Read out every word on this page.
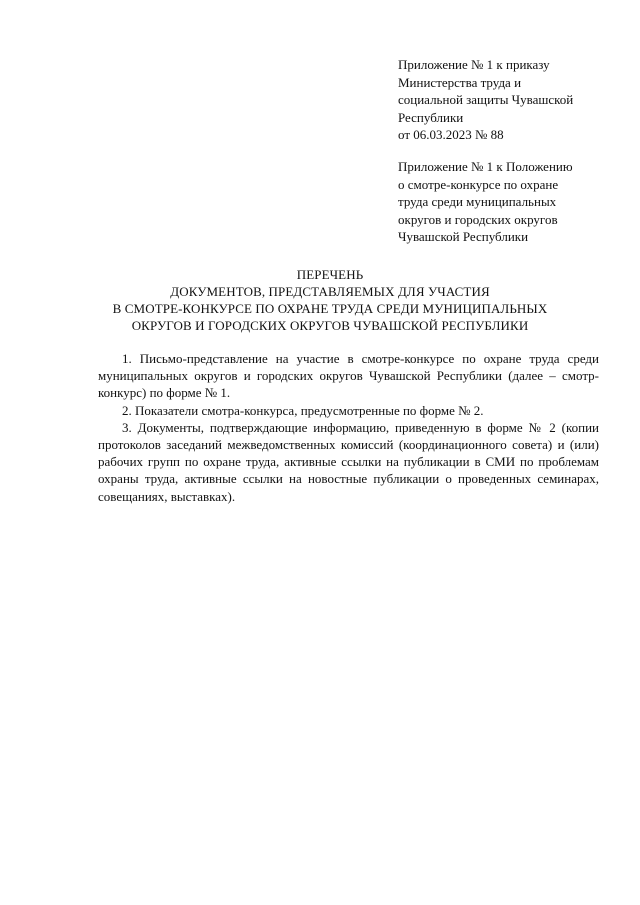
Приложение № 1 к приказу
Министерства труда и
социальной защиты Чувашской
Республики
от 06.03.2023 № 88
Приложение № 1 к Положению
о смотре-конкурсе по охране
труда среди муниципальных
округов и городских округов
Чувашской Республики
ПЕРЕЧЕНЬ
ДОКУМЕНТОВ, ПРЕДСТАВЛЯЕМЫХ ДЛЯ УЧАСТИЯ
В СМОТРЕ-КОНКУРСЕ ПО ОХРАНЕ ТРУДА СРЕДИ МУНИЦИПАЛЬНЫХ
ОКРУГОВ И ГОРОДСКИХ ОКРУГОВ ЧУВАШСКОЙ РЕСПУБЛИКИ

1. Письмо-представление на участие в смотре-конкурсе по охране труда среди муниципальных округов и городских округов Чувашской Республики (далее – смотр-конкурс) по форме № 1.

2. Показатели смотра-конкурса, предусмотренные по форме № 2.

3. Документы, подтверждающие информацию, приведенную в форме № 2 (копии протоколов заседаний межведомственных комиссий (координационного совета) и (или) рабочих групп по охране труда, активные ссылки на публикации в СМИ по проблемам охраны труда, активные ссылки на новостные публикации о проведенных семинарах, совещаниях, выставках).
